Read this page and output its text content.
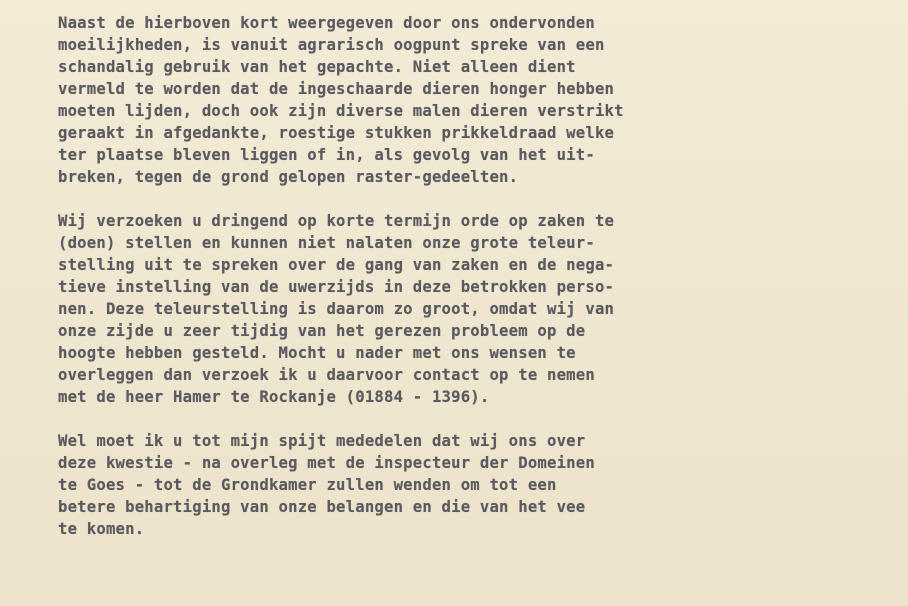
Naast de hierboven kort weergegeven door ons ondervonden
moeilijkheden, is vanuit agrarisch oogpunt spreke van een
schandalig gebruik van het gepachte. Niet alleen dient
vermeld te worden dat de ingeschaarde dieren honger hebben
moeten lijden, doch ook zijn diverse malen dieren verstrikt
geraakt in afgedankte, roestige stukken prikkeldraad welke
ter plaatse bleven liggen of in, als gevolg van het uit-
breken, tegen de grond gelopen raster-gedeelten.
Wij verzoeken u dringend op korte termijn orde op zaken te
(doen) stellen en kunnen niet nalaten onze grote teleur-
stelling uit te spreken over de gang van zaken en de nega-
tieve instelling van de uwerzijds in deze betrokken perso-
nen. Deze teleurstelling is daarom zo groot, omdat wij van
onze zijde u zeer tijdig van het gerezen probleem op de
hoogte hebben gesteld. Mocht u nader met ons wensen te
overleggen dan verzoek ik u daarvoor contact op te nemen
met de heer Hamer te Rockanje (01884 - 1396).
Wel moet ik u tot mijn spijt mededelen dat wij ons over
deze kwestie - na overleg met de inspecteur der Domeinen
te Goes - tot de Grondkamer zullen wenden om tot een
betere behartiging van onze belangen en die van het vee
te komen.
